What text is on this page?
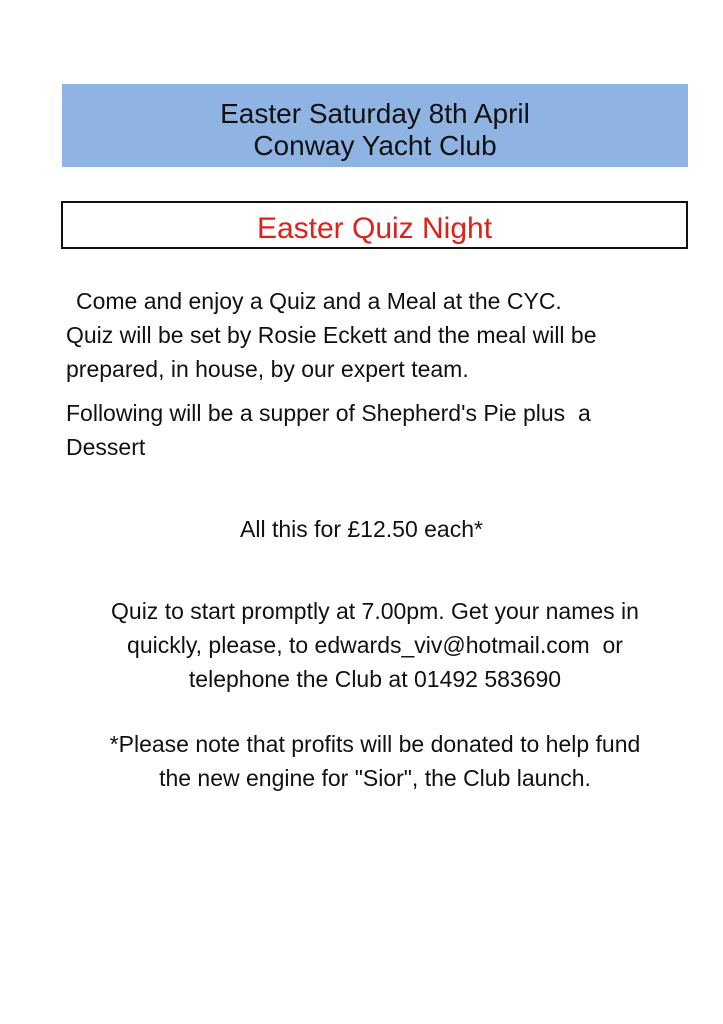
Easter Saturday 8th April
Conway Yacht Club
Easter Quiz Night
Come and enjoy a Quiz and a Meal at the CYC.
Quiz will be set by Rosie Eckett and the meal will be
prepared, in house, by our expert team.
Following will be a supper of Shepherd's Pie plus  a
Dessert
All this for £12.50 each*
Quiz to start promptly at 7.00pm. Get your names in
quickly, please, to edwards_viv@hotmail.com  or
telephone the Club at 01492 583690
*Please note that profits will be donated to help fund
the new engine for "Sior", the Club launch.
